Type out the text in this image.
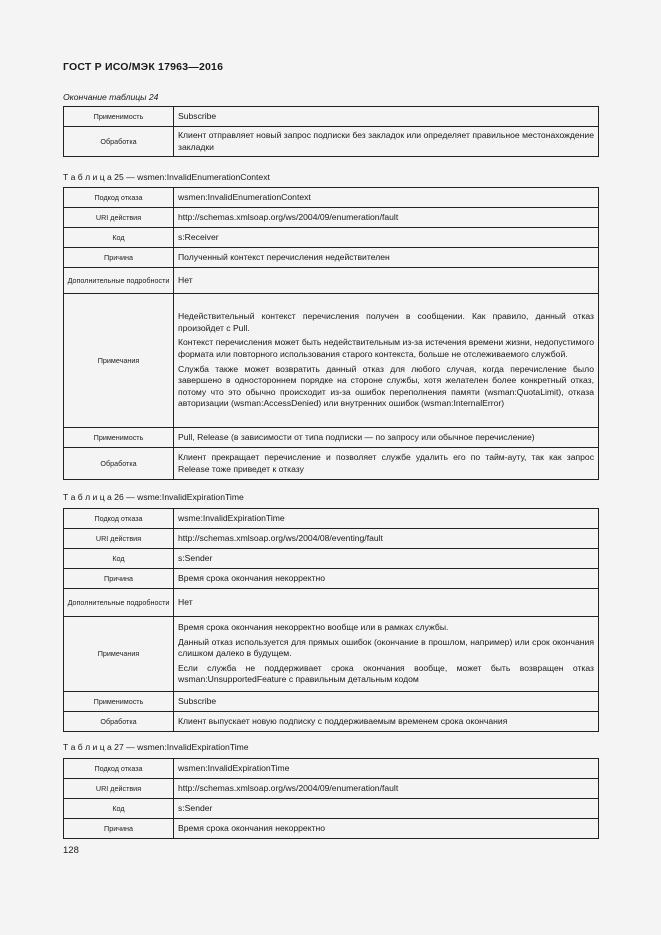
ГОСТ Р ИСО/МЭК 17963—2016
Окончание таблицы 24
Применимость	Subscribe
Обработка	Клиент отправляет новый запрос подписки без закладок или определяет правильное местонахождение закладки
Т а б л и ц а 25 — wsmen:InvalidEnumerationContext
Подкод отказа	wsmen:InvalidEnumerationContext
URI действия	http://schemas.xmlsoap.org/ws/2004/09/enumeration/fault
Код	s:Receiver
Причина	Полученный контекст перечисления недействителен
Дополнительные подробности	Нет
Примечания	Недействительный контекст перечисления получен в сообщении. Как правило, данный отказ произойдет с Pull.

Контекст перечисления может быть недействительным из-за истечения времени жизни, недопустимого формата или повторного использования старого контекста, больше не отслеживаемого службой.

Служба также может возвратить данный отказ для любого случая, когда перечисление было завершено в одностороннем порядке на стороне службы, хотя желателен более конкретный отказ, потому что это обычно происходит из-за ошибок переполнения памяти (wsman:QuotaLimit), отказа авторизации (wsman:AccessDenied) или внутренних ошибок (wsman:InternalError)

Применимость	Pull, Release (в зависимости от типа подписки — по запросу или обычное перечисление)
Обработка	Клиент прекращает перечисление и позволяет службе удалить его по тайм-ауту, так как запрос Release тоже приведет к отказу
Т а б л и ц а 26 — wsme:InvalidExpirationTime
Подкод отказа	wsme:InvalidExpirationTime
URI действия	http://schemas.xmlsoap.org/ws/2004/08/eventing/fault
Код	s:Sender
Причина	Время срока окончания некорректно
Дополнительные подробности	Нет
Примечания	Время срока окончания некорректно вообще или в рамках службы.

Данный отказ используется для прямых ошибок (окончание в прошлом, например) или срок окончания слишком далеко в будущем.

Если служба не поддерживает срока окончания вообще, может быть возвращен отказ wsman:UnsupportedFeature с правильным детальным кодом

Применимость	Subscribe
Обработка	Клиент выпускает новую подписку с поддерживаемым временем срока окончания
Т а б л и ц а 27 — wsmen:InvalidExpirationTime
Подкод отказа	wsmen:InvalidExpirationTime
URI действия	http://schemas.xmlsoap.org/ws/2004/09/enumeration/fault
Код	s:Sender
Причина	Время срока окончания некорректно
128
